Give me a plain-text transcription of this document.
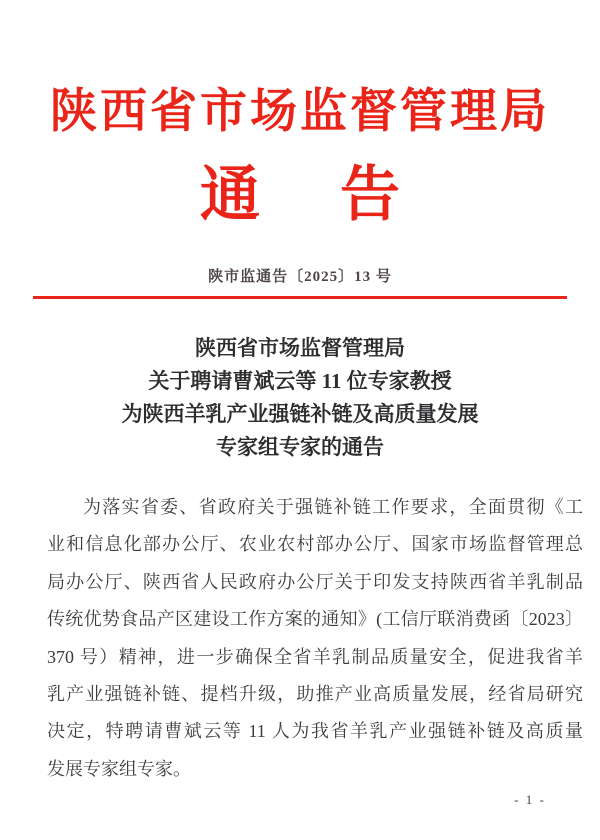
陕西省市场监督管理局
通 告
陕市监通告〔2025〕13 号
陕西省市场监督管理局
关于聘请曹斌云等 11 位专家教授
为陕西羊乳产业强链补链及高质量发展
专家组专家的通告
为落实省委、省政府关于强链补链工作要求，全面贯彻《工
业和信息化部办公厅、农业农村部办公厅、国家市场监督管理总
局办公厅、陕西省人民政府办公厅关于印发支持陕西省羊乳制品
传统优势食品产区建设工作方案的通知》(工信厅联消费函〔2023〕
370 号）精神，进一步确保全省羊乳制品质量安全，促进我省羊
乳产业强链补链、提档升级，助推产业高质量发展，经省局研究
决定，特聘请曹斌云等 11 人为我省羊乳产业强链补链及高质量
发展专家组专家。
- 1 -
